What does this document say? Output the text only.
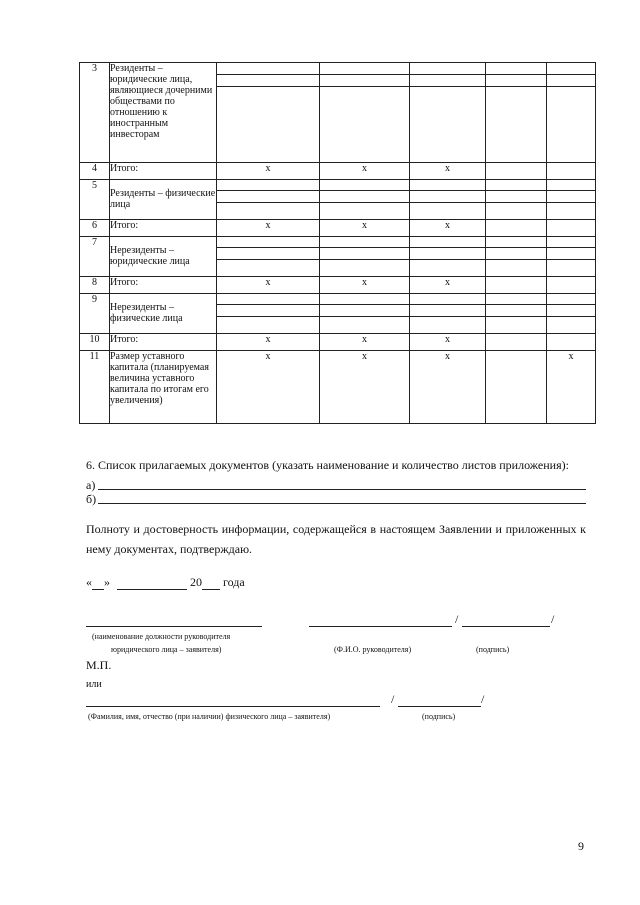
3	Резиденты – юридические лица, являющиеся дочерними обществами по отношению к иностранным инвесторам	

4	Итого:	х	х	х		
5	Резиденты – физические лица	

6	Итого:	х	х	х		
7	Нерезиденты – юридические лица	

8	Итого:	х	х	х		
9	Нерезиденты – физические лица	

10	Итого:	х	х	х		
11	Размер уставного капитала (планируемая величина уставного капитала по итогам его увеличения)	х	х	х		х
6. Список прилагаемых документов (указать наименование и количество листов приложения):
а)
б)
Полноту и достоверность информации, содержащейся в настоящем Заявлении и приложенных к нему документах, подтверждаю.
« »	20 года
/	/
(наименование должности руководителя
юридического лица – заявителя)	(Ф.И.О. руководителя)	(подпись)
М.П.
или
/	/
(Фамилия, имя, отчество (при наличии) физического лица – заявителя)	(подпись)
9
